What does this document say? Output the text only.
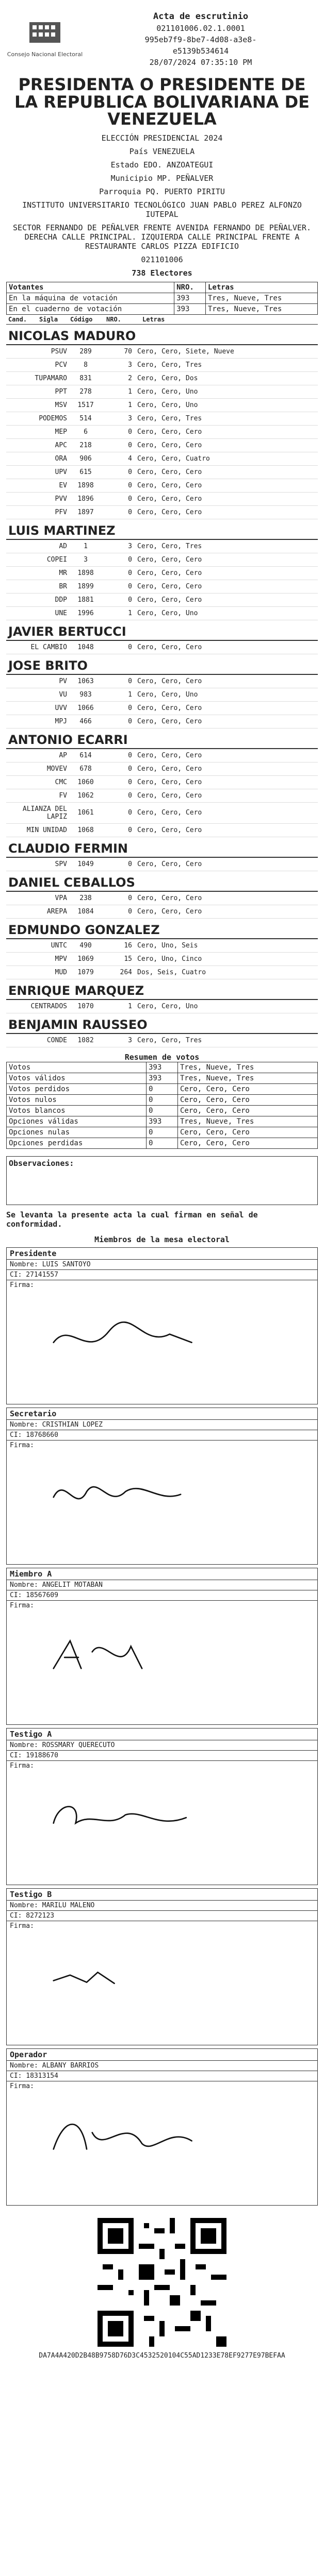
Consejo Nacional Electoral
Acta de escrutinio
021101006.02.1.0001
995eb7f9-8be7-4d08-a3e8-
e5139b534614
28/07/2024 07:35:10 PM
PRESIDENTA O PRESIDENTE DE LA REPUBLICA BOLIVARIANA DE VENEZUELA
ELECCIÓN PRESIDENCIAL 2024
País VENEZUELA
Estado EDO. ANZOATEGUI
Municipio MP. PEÑALVER
Parroquia PQ. PUERTO PIRITU
INSTITUTO UNIVERSITARIO TECNOLÓGICO JUAN PABLO PEREZ ALFONZO IUTEPAL
SECTOR FERNANDO DE PEÑALVER FRENTE AVENIDA FERNANDO DE PEÑALVER. DERECHA CALLE PRINCIPAL. IZQUIERDA CALLE PRINCIPAL FRENTE A RESTAURANTE CARLOS PIZZA EDIFICIO
021101006
738 Electores
Votantes	NRO.	Letras
En la máquina de votación	393	Tres, Nueve, Tres
En el cuaderno de votación	393	Tres, Nueve, Tres
Cand.	Sigla	Código	NRO.	Letras
NICOLAS MADURO
PSUV	289	70 Cero, Cero, Siete, Nueve
PCV	8	3 Cero, Cero, Tres
TUPAMARO	831	2 Cero, Cero, Dos
PPT	278	1 Cero, Cero, Uno
MSV	1517	1 Cero, Cero, Uno
PODEMOS	514	3 Cero, Cero, Tres
MEP	6	0 Cero, Cero, Cero
APC	218	0 Cero, Cero, Cero
ORA	906	4 Cero, Cero, Cuatro
UPV	615	0 Cero, Cero, Cero
EV	1898	0 Cero, Cero, Cero
PVV	1896	0 Cero, Cero, Cero
PFV	1897	0 Cero, Cero, Cero
LUIS MARTINEZ
AD	1	3 Cero, Cero, Tres
COPEI	3	0 Cero, Cero, Cero
MR	1898	0 Cero, Cero, Cero
BR	1899	0 Cero, Cero, Cero
DDP	1881	0 Cero, Cero, Cero
UNE	1996	1 Cero, Cero, Uno
JAVIER BERTUCCI
EL CAMBIO	1048	0 Cero, Cero, Cero
JOSE BRITO
PV	1063	0 Cero, Cero, Cero
VU	983	1 Cero, Cero, Uno
UVV	1066	0 Cero, Cero, Cero
MPJ	466	0 Cero, Cero, Cero
ANTONIO ECARRI
AP	614	0 Cero, Cero, Cero
MOVEV	678	0 Cero, Cero, Cero
CMC	1060	0 Cero, Cero, Cero
FV	1062	0 Cero, Cero, Cero
ALIANZA DEL LAPIZ	1061	0 Cero, Cero, Cero
MIN UNIDAD	1068	0 Cero, Cero, Cero
CLAUDIO FERMIN
SPV	1049	0 Cero, Cero, Cero
DANIEL CEBALLOS
VPA	238	0 Cero, Cero, Cero
AREPA	1084	0 Cero, Cero, Cero
EDMUNDO GONZALEZ
UNTC	490	16 Cero, Uno, Seis
MPV	1069	15 Cero, Uno, Cinco
MUD	1079	264 Dos, Seis, Cuatro
ENRIQUE MARQUEZ
CENTRADOS	1070	1 Cero, Cero, Uno
BENJAMIN RAUSSEO
CONDE	1082	3 Cero, Cero, Tres
Resumen de votos
Votos	393	Tres, Nueve, Tres
Votos válidos	393	Tres, Nueve, Tres
Votos perdidos	0	Cero, Cero, Cero
Votos nulos	0	Cero, Cero, Cero
Votos blancos	0	Cero, Cero, Cero
Opciones válidas	393	Tres, Nueve, Tres
Opciones nulas	0	Cero, Cero, Cero
Opciones perdidas	0	Cero, Cero, Cero
Observaciones:
Se levanta la presente acta la cual firman en señal de conformidad.
Miembros de la mesa electoral
Presidente
Nombre: LUIS SANTOYO
CI: 27141557
Firma:
Secretario
Nombre: CRISTHIAN LOPEZ
CI: 18768660
Firma:
Miembro A
Nombre: ANGELIT MOTABAN
CI: 18567609
Firma:
Testigo A
Nombre: ROSSMARY QUERECUTO
CI: 19188670
Firma:
Testigo B
Nombre: MARILU MALENO
CI: 8272123
Firma:
Operador
Nombre: ALBANY BARRIOS
CI: 18313154
Firma:
DA7A4A420D2B48B9758D76D3C4532520104C55AD1233E78EF9277E97BEFAA
